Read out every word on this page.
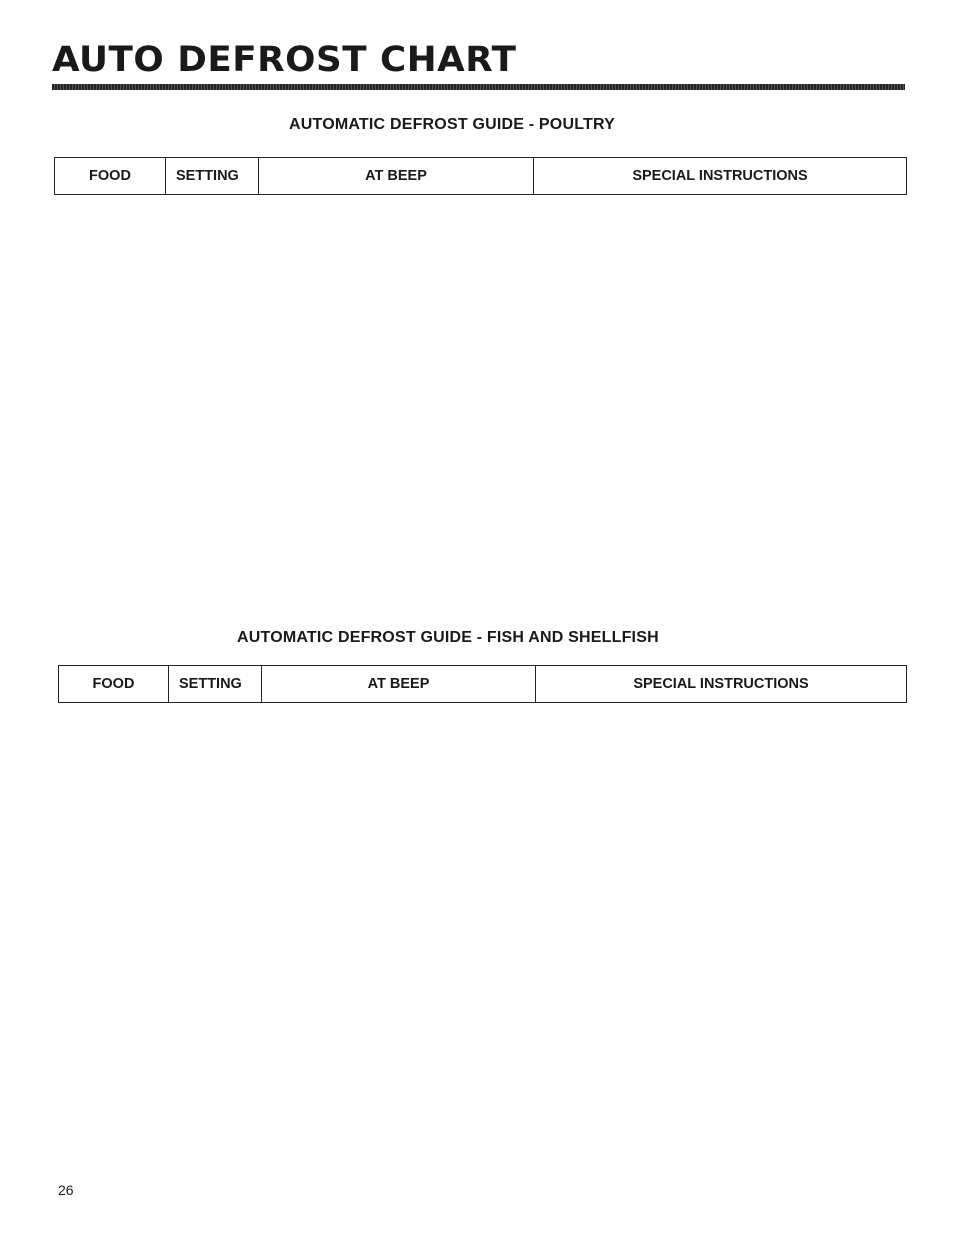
AUTO DEFROST CHART
AUTOMATIC DEFROST GUIDE - POULTRY
FOOD	SETTING	AT BEEP	SPECIAL INSTRUCTIONS
AUTOMATIC DEFROST GUIDE - FISH AND SHELLFISH
FOOD	SETTING	AT BEEP	SPECIAL INSTRUCTIONS
26
